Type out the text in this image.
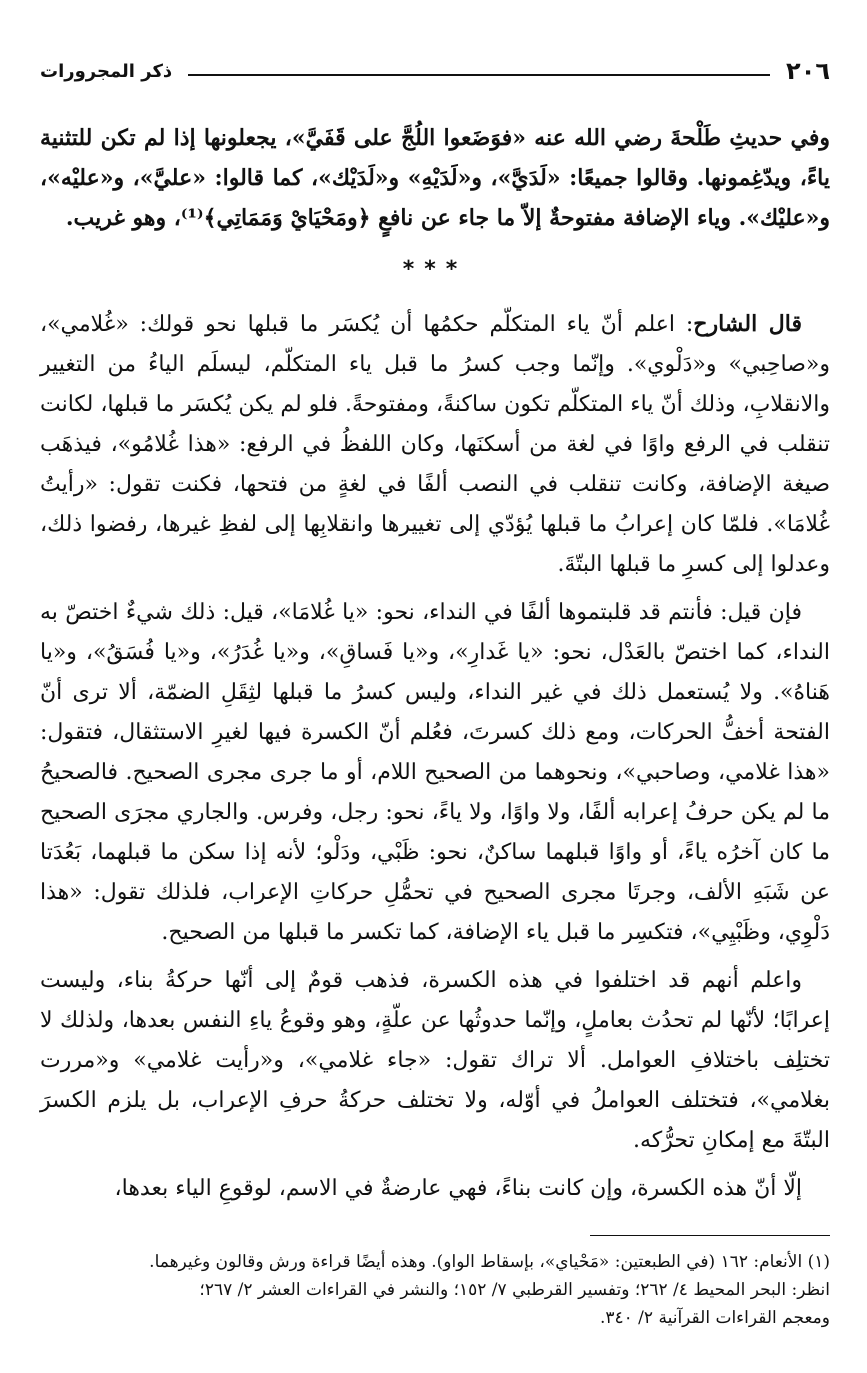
٢٠٦
ذكر المجرورات

وفي حديثِ طَلْحةَ رضي الله عنه «فوَضَعوا اللُجَّ على قَفَيَّ»، يجعلونها إذا لم تكن للتثنية ياءً، ويدّغِمونها. وقالوا جميعًا: «لَدَيَّ»، و«لَدَيْهِ» و«لَدَيْك»، كما قالوا: «عليَّ»، و«عليْه»، و«عليْك». وياء الإضافة مفتوحةٌ إلاّ ما جاء عن نافعٍ ﴿ومَحْيَايْ وَمَمَاتِي﴾⁽¹⁾، وهو غريب.

***

قال الشارح: اعلم أنّ ياء المتكلّم حكمُها أن يُكسَر ما قبلها نحو قولك: «غُلامي»، و«صاحِبي» و«دَلْوي». وإنّما وجب كسرُ ما قبل ياء المتكلّم، ليسلَم الياءُ من التغيير والانقلابِ، وذلك أنّ ياء المتكلّم تكون ساكنةً، ومفتوحةً. فلو لم يكن يُكسَر ما قبلها، لكانت تنقلب في الرفع واوًا في لغة من أسكنَها، وكان اللفظُ في الرفع: «هذا غُلامُو»، فيذهَب صيغة الإضافة، وكانت تنقلب في النصب ألفًا في لغةٍ من فتحها، فكنت تقول: «رأيتُ غُلامَا». فلمّا كان إعرابُ ما قبلها يُؤدّي إلى تغييرها وانقلابِها إلى لفظِ غيرها، رفضوا ذلك، وعدلوا إلى كسرِ ما قبلها البتّةَ.

فإن قيل: فأنتم قد قلبتموها ألفًا في النداء، نحو: «يا غُلامَا»، قيل: ذلك شيءٌ اختصّ به النداء، كما اختصّ بالعَدْل، نحو: «يا غَدارِ»، و«يا فَساقِ»، و«يا غُدَرُ»، و«يا فُسَقُ»، و«يا هَناهُ». ولا يُستعمل ذلك في غير النداء، وليس كسرُ ما قبلها لثِقَلِ الضمّة، ألا ترى أنّ الفتحة أخفُّ الحركات، ومع ذلك كسرتَ، فعُلم أنّ الكسرة فيها لغيرِ الاستثقال، فتقول: «هذا غلامي، وصاحبي»، ونحوهما من الصحيح اللام، أو ما جرى مجرى الصحيح. فالصحيحُ ما لم يكن حرفُ إعرابه ألفًا، ولا واوًا، ولا ياءً، نحو: رجل، وفرس. والجاري مجرَى الصحيح ما كان آخرُه ياءً، أو واوًا قبلهما ساكنٌ، نحو: ظَبْي، ودَلْو؛ لأنه إذا سكن ما قبلهما، بَعُدَتا عن شَبَهِ الألف، وجرتَا مجرى الصحيح في تحمُّلِ حركاتِ الإعراب، فلذلك تقول: «هذا دَلْوِي، وظَبْيِي»، فتكسِر ما قبل ياء الإضافة، كما تكسر ما قبلها من الصحيح.

واعلم أنهم قد اختلفوا في هذه الكسرة، فذهب قومٌ إلى أنّها حركةُ بناء، وليست إعرابًا؛ لأنّها لم تحدُث بعاملٍ، وإنّما حدوثُها عن علّةٍ، وهو وقوعُ ياءِ النفس بعدها، ولذلك لا تختلِف باختلافِ العوامل. ألا تراك تقول: «جاء غلامي»، و«رأيت غلامي» و«مررت بغلامي»، فتختلف العواملُ في أوّله، ولا تختلف حركةُ حرفِ الإعراب، بل يلزم الكسرَ البتّةَ مع إمكانِ تحرُّكه.

إلّا أنّ هذه الكسرة، وإن كانت بناءً، فهي عارضةٌ في الاسم، لوقوعِ الياء بعدها،

(١) الأنعام: ١٦٢ (في الطبعتين: «مَحْياي»، بإسقاط الواو). وهذه أيضًا قراءة ورش وقالون وغيرهما.

انظر: البحر المحيط ٤/ ٢٦٢؛ وتفسير القرطبي ٧/ ١٥٢؛ والنشر في القراءات العشر ٢/ ٢٦٧؛

ومعجم القراءات القرآنية ٢/ ٣٤٠.
